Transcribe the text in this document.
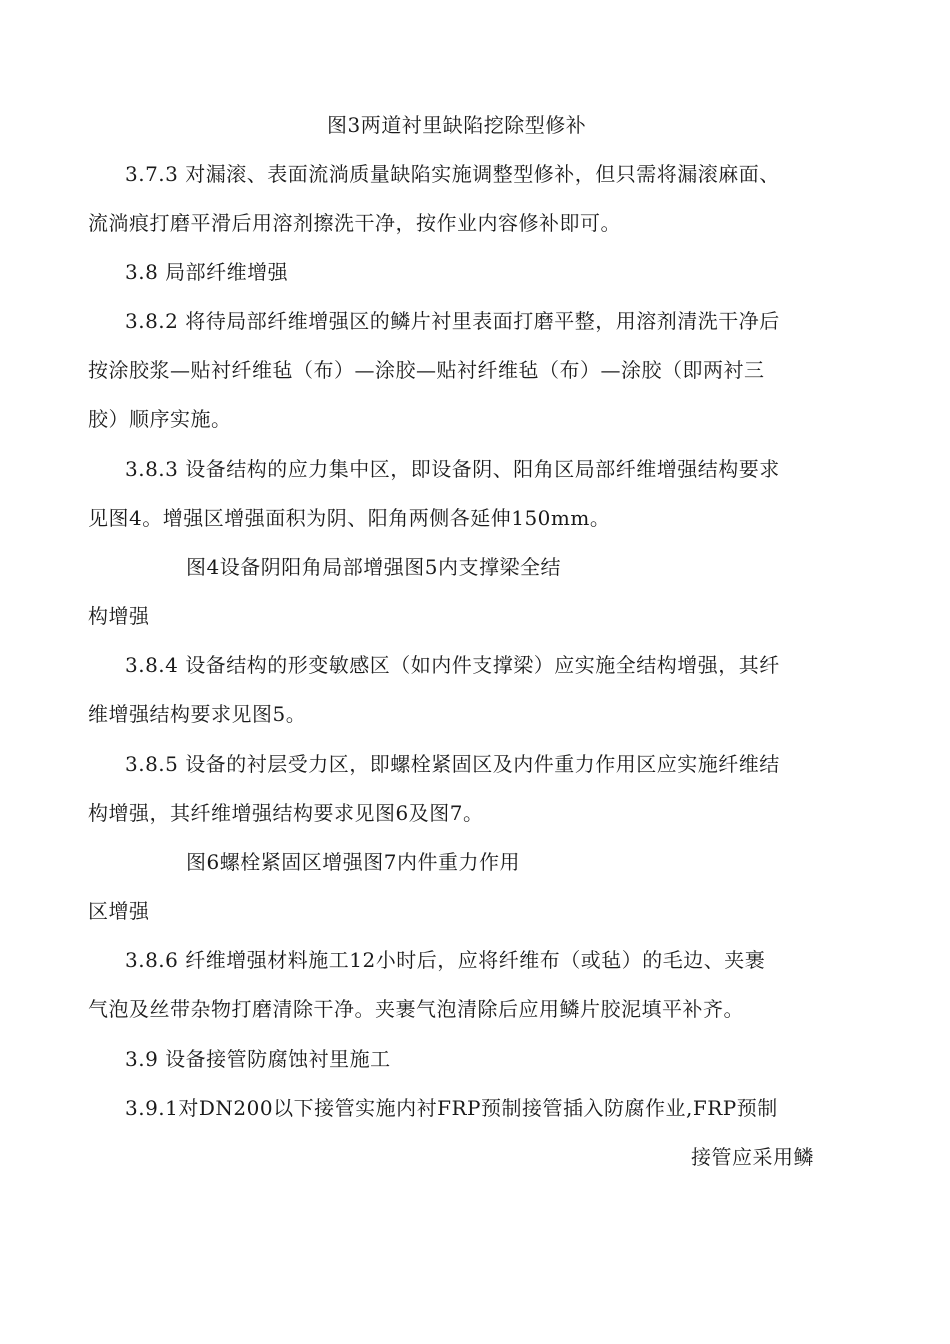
图3两道衬里缺陷挖除型修补
3.7.3 对漏滚、表面流淌质量缺陷实施调整型修补，但只需将漏滚麻面、
流淌痕打磨平滑后用溶剂擦洗干净，按作业内容修补即可。
3.8 局部纤维增强
3.8.2 将待局部纤维增强区的鳞片衬里表面打磨平整，用溶剂清洗干净后
按涂胶浆—贴衬纤维毡（布）—涂胶—贴衬纤维毡（布）—涂胶（即两衬三
胶）顺序实施。
3.8.3 设备结构的应力集中区，即设备阴、阳角区局部纤维增强结构要求
见图4。增强区增强面积为阴、阳角两侧各延伸150mm。
图4设备阴阳角局部增强图5内支撑梁全结
构增强
3.8.4 设备结构的形变敏感区（如内件支撑梁）应实施全结构增强，其纤
维增强结构要求见图5。
3.8.5 设备的衬层受力区，即螺栓紧固区及内件重力作用区应实施纤维结
构增强，其纤维增强结构要求见图6及图7。
图6螺栓紧固区增强图7内件重力作用
区增强
3.8.6 纤维增强材料施工12小时后，应将纤维布（或毡）的毛边、夹裹
气泡及丝带杂物打磨清除干净。夹裹气泡清除后应用鳞片胶泥填平补齐。
3.9 设备接管防腐蚀衬里施工
3.9.1对DN200以下接管实施内衬FRP预制接管插入防腐作业,FRP预制
接管应采用鳞
